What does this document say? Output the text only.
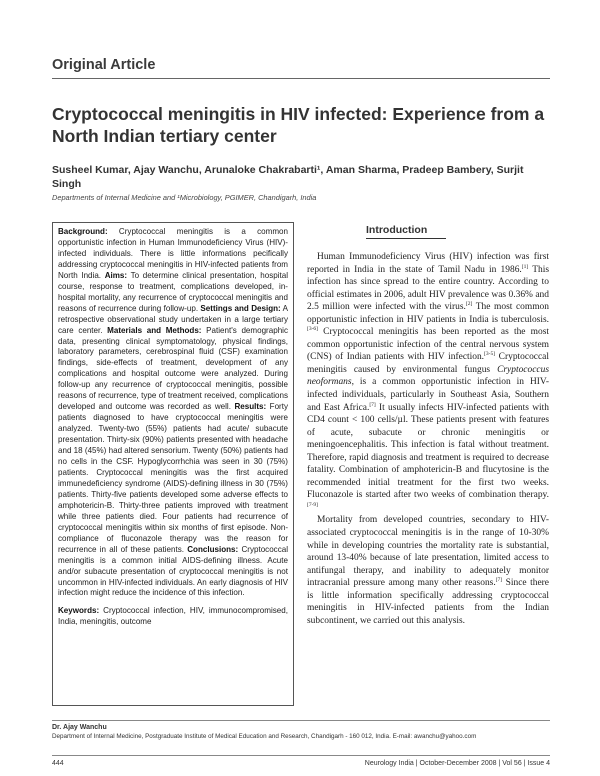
Original Article
Cryptococcal meningitis in HIV infected: Experience from a North Indian tertiary center
Susheel Kumar, Ajay Wanchu, Arunaloke Chakrabarti¹, Aman Sharma, Pradeep Bambery, Surjit Singh
Departments of Internal Medicine and ¹Microbiology, PGIMER, Chandigarh, India

Background: Cryptococcal meningitis is a common opportunistic infection in Human Immunodeficiency Virus (HIV)-infected individuals. There is little informations pecifically addressing cryptococcal meningitis in HIV-infected patients from North India. Aims: To determine clinical presentation, hospital course, response to treatment, complications developed, in-hospital mortality, any recurrence of cryptococcal meningitis and reasons of recurrence during follow-up. Settings and Design: A retrospective observational study undertaken in a large tertiary care center. Materials and Methods: Patient's demographic data, presenting clinical symptomatology, physical findings, laboratory parameters, cerebrospinal fluid (CSF) examination findings, side-effects of treatment, development of any complications and hospital outcome were analyzed. During follow-up any recurrence of cryptococcal meningitis, possible reasons of recurrence, type of treatment received, complications developed and outcome was recorded as well. Results: Forty patients diagnosed to have cryptococcal meningitis were analyzed. Twenty-two (55%) patients had acute/ subacute presentation. Thirty-six (90%) patients presented with headache and 18 (45%) had altered sensorium. Twenty (50%) patients had no cells in the CSF. Hypoglycorrhchia was seen in 30 (75%) patients. Cryptococcal meningitis was the first acquired immunedeficiency syndrome (AIDS)-defining illness in 30 (75%) patients. Thirty-five patients developed some adverse effects to amphotericin-B. Thirty-three patients improved with treatment while three patients died. Four patients had recurrence of cryptococcal meningitis within six months of first episode. Non-compliance of fluconazole therapy was the reason for recurrence in all of these patients. Conclusions: Cryptococcal meningitis is a common initial AIDS-defining illness. Acute and/or subacute presentation of cryptococcal meningitis is not uncommon in HIV-infected individuals. An early diagnosis of HIV infection might reduce the incidence of this infection.

Keywords: Cryptococcal infection, HIV, immunocompromised, India, meningitis, outcome

Introduction

Human Immunodeficiency Virus (HIV) infection was first reported in India in the state of Tamil Nadu in 1986.[1] This infection has since spread to the entire country. According to official estimates in 2006, adult HIV prevalence was 0.36% and 2.5 million were infected with the virus.[2] The most common opportunistic infection in HIV patients in India is tuberculosis.[3-6] Cryptococcal meningitis has been reported as the most common opportunistic infection of the central nervous system (CNS) of Indian patients with HIV infection.[3-5] Cryptococcal meningitis caused by environmental fungus Cryptococcus neoformans, is a common opportunistic infection in HIV-infected individuals, particularly in Southeast Asia, Southern and East Africa.[7] It usually infects HIV-infected patients with CD4 count < 100 cells/µl. These patients present with features of acute, subacute or chronic meningitis or meningoencephalitis. This infection is fatal without treatment. Therefore, rapid diagnosis and treatment is required to decrease fatality. Combination of amphotericin-B and flucytosine is the recommended initial treatment for the first two weeks. Fluconazole is started after two weeks of combination therapy.[7-9]

Mortality from developed countries, secondary to HIV-associated cryptococcal meningitis is in the range of 10-30% while in developing countries the mortality rate is substantial, around 13-40% because of late presentation, limited access to antifungal therapy, and inability to adequately monitor intracranial pressure among many other reasons.[7] Since there is little information specifically addressing cryptococcal meningitis in HIV-infected patients from the Indian subcontinent, we carried out this analysis.

Dr. Ajay Wanchu
Department of Internal Medicine, Postgraduate Institute of Medical Education and Research, Chandigarh - 160 012, India. E-mail: awanchu@yahoo.com
444	Neurology India | October-December 2008 | Vol 56 | Issue 4
